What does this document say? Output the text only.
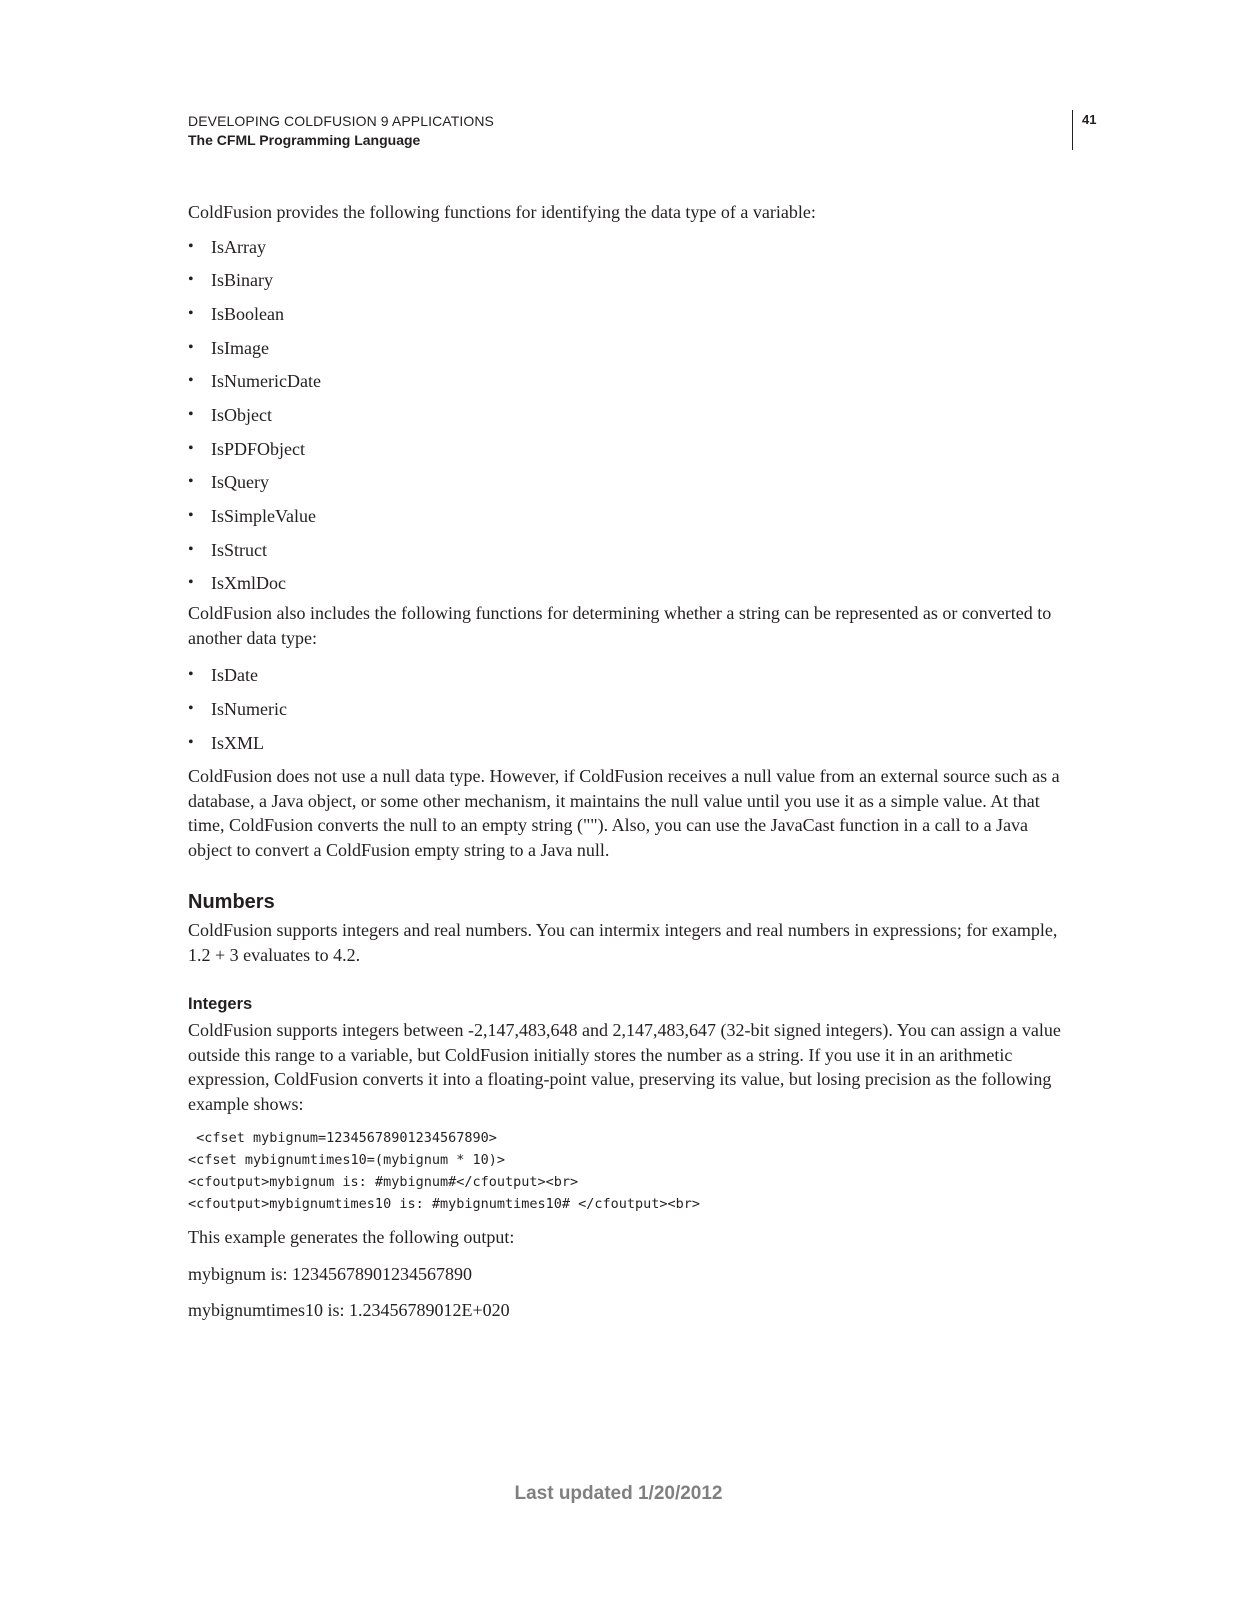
DEVELOPING COLDFUSION 9 APPLICATIONS
The CFML Programming Language
41

ColdFusion provides the following functions for identifying the data type of a variable:

• IsArray
• IsBinary
• IsBoolean
• IsImage
• IsNumericDate
• IsObject
• IsPDFObject
• IsQuery
• IsSimpleValue
• IsStruct
• IsXmlDoc

ColdFusion also includes the following functions for determining whether a string can be represented as or converted to another data type:

• IsDate
• IsNumeric
• IsXML

ColdFusion does not use a null data type. However, if ColdFusion receives a null value from an external source such as a database, a Java object, or some other mechanism, it maintains the null value until you use it as a simple value. At that time, ColdFusion converts the null to an empty string (""). Also, you can use the JavaCast function in a call to a Java object to convert a ColdFusion empty string to a Java null.

Numbers

ColdFusion supports integers and real numbers. You can intermix integers and real numbers in expressions; for example, 1.2 + 3 evaluates to 4.2.

Integers

ColdFusion supports integers between -2,147,483,648 and 2,147,483,647 (32-bit signed integers). You can assign a value outside this range to a variable, but ColdFusion initially stores the number as a string. If you use it in an arithmetic expression, ColdFusion converts it into a floating-point value, preserving its value, but losing precision as the following example shows:

<cfset mybignum=12345678901234567890>
<cfset mybignumtimes10=(mybignum * 10)>
<cfoutput>mybignum is: #mybignum#</cfoutput><br>
<cfoutput>mybignumtimes10 is: #mybignumtimes10# </cfoutput><br>

This example generates the following output:

mybignum is: 12345678901234567890

mybignumtimes10 is: 1.23456789012E+020

Last updated 1/20/2012
